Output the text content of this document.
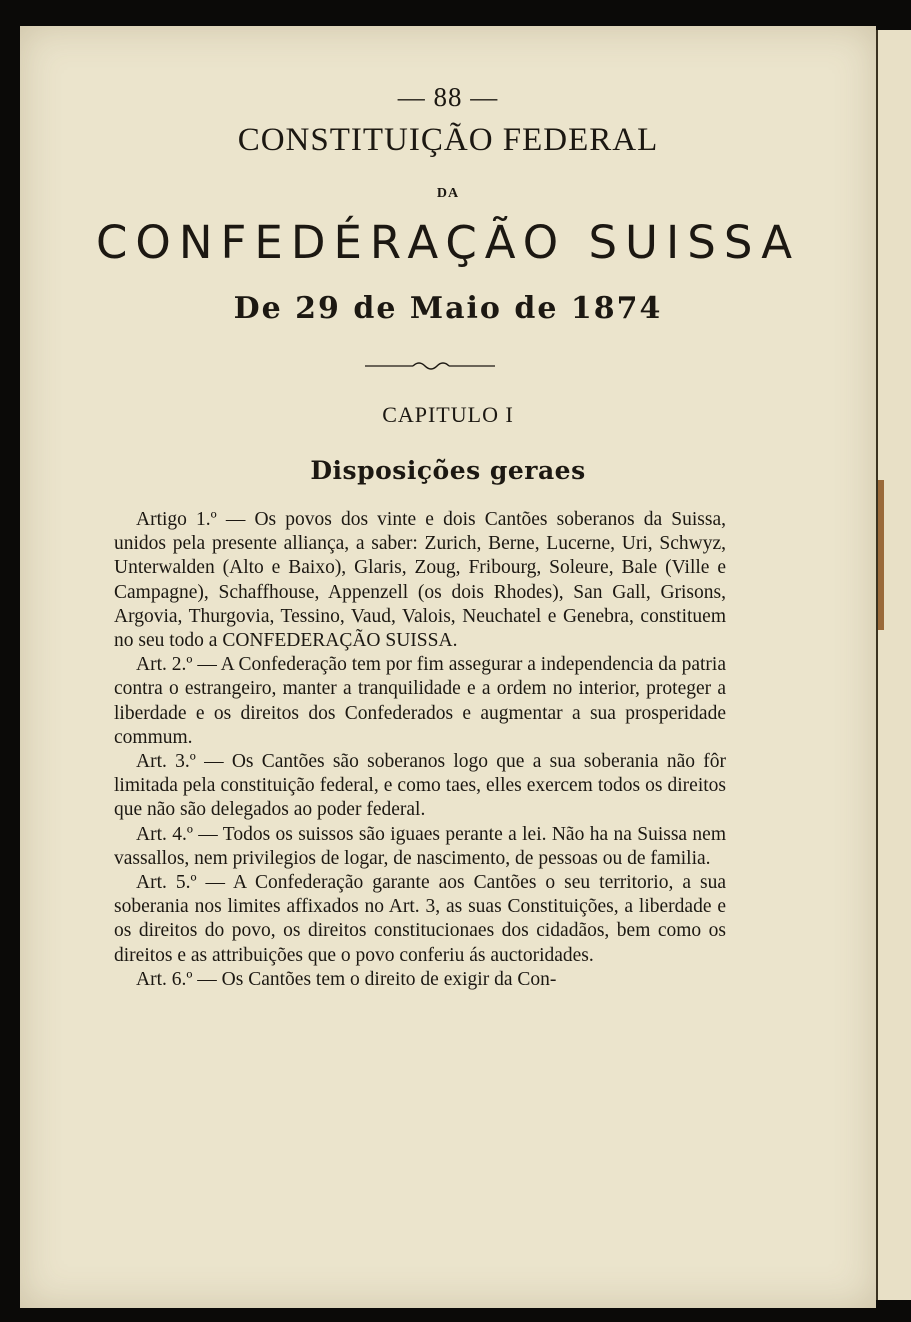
— 88 —
CONSTITUIÇÃO FEDERAL
DA
CONFEDÉRAÇÃO SUISSA
De 29 de Maio de 1874
CAPITULO I
Disposições geraes

Artigo 1.º — Os povos dos vinte e dois Cantões soberanos da Suissa, unidos pela presente alliança, a saber: Zurich, Berne, Lucerne, Uri, Schwyz, Unterwalden (Alto e Baixo), Glaris, Zoug, Fribourg, Soleure, Bale (Ville e Campagne), Schaffhouse, Appenzell (os dois Rhodes), San Gall, Grisons, Argovia, Thurgovia, Tessino, Vaud, Valois, Neuchatel e Genebra, constituem no seu todo a CONFEDERAÇÃO SUISSA.

Art. 2.º — A Confederação tem por fim assegurar a independencia da patria contra o estrangeiro, manter a tranquilidade e a ordem no interior, proteger a liberdade e os direitos dos Confederados e augmentar a sua prosperidade commum.

Art. 3.º — Os Cantões são soberanos logo que a sua soberania não fôr limitada pela constituição federal, e como taes, elles exercem todos os direitos que não são delegados ao poder federal.

Art. 4.º — Todos os suissos são iguaes perante a lei. Não ha na Suissa nem vassallos, nem privilegios de logar, de nascimento, de pessoas ou de familia.

Art. 5.º — A Confederação garante aos Cantões o seu territorio, a sua soberania nos limites affixados no Art. 3, as suas Constituições, a liberdade e os direitos do povo, os direitos constitucionaes dos cidadãos, bem como os direitos e as attribuições que o povo conferiu ás auctoridades.

Art. 6.º — Os Cantões tem o direito de exigir da Con-
